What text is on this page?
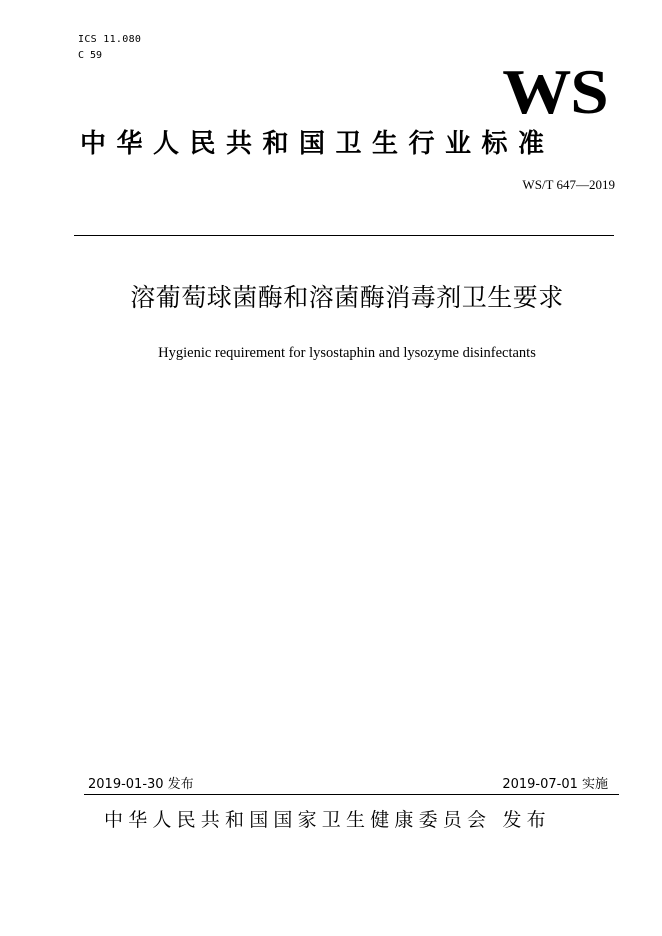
ICS 11.080
C 59
WS
中华人民共和国卫生行业标准
WS/T 647—2019
溶葡萄球菌酶和溶菌酶消毒剂卫生要求
Hygienic requirement for lysostaphin and lysozyme disinfectants
2019-01-30 发布	2019-07-01 实施
中华人民共和国国家卫生健康委员会 发布
